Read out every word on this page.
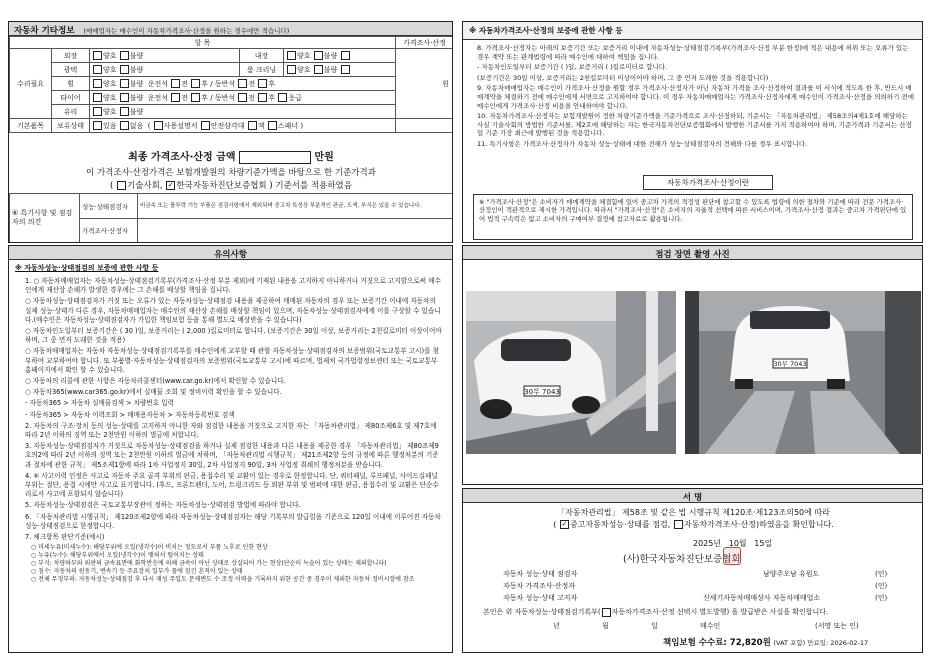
자동차 기타정보 (매매업자는 매수인이 자동차가격조사·산정을 원하는 경우에만 적습니다)
항 목					가격조사·산정
수리필요	외장	양호 불량	내장	양호 불량	원
	광택	양호 불량	룸 크리닝	양호 불량	
	휠	양호 불량 운전석 전 후 / 동반석 전 후			
	타이어	양호 불량 운전석 전 후 / 동반석 전 후 응급			
	유리	양호 불량			
기본품목	보유상태	있음 없음  ( 사용설명서 안전삼각대 잭 스패너 )			
최종 가격조사·산정 금액	만원
이 가격조사·산정가격은 보험개발원의 차량기준가액을 바탕으로 한 기준가격과
( 기술사회, ✓ 한국자동차진단보증협회 ) 기준서를 적용하였음
⑥ 특기사항 및 점검자의 의견	성능·상태점검자	비금속 또는 플루락 기능 부품은 점검사항에서 제외되며 중고차 특성상 부분적인 판금, 도색, 부식은 있을 수 있습니다.
	가격조사·산정자	
유의사항
※ 자동차성능·상태점검의 보증에 관한 사항 등

1. ○ 자동차매매업자는 자동차성능·상태점검기록부(가격조사·산정 부분 제외)에 기재된 내용을 고지하지 아니하거나 거짓으로 고지함으로써 매수인에게 재산상 손해가 발생한 경우에는 그 손해를 배상할 책임을 집니다.

○ 자동차성능·상태점검자가 거짓 또는 오류가 있는 자동차성능·상태점검 내용을 제공하여 매매된 자동차의 경우 또는 보증기간 이내에 자동차의 실제 성능·상태가 다른 경우, 자동차매매업자는 매수인의 재산상 손해를 배상할 책임이 있으며, 자동차성능·상태점검자에게 이를 구상할 수 있습니다.(매수인은 자동차성능·상태점검자가 가입한 책임보험 등을 통해 별도로 배상받을 수 있습니다)

○ 자동차인도일부터 보증기간은 ( 30 )일, 보증거리는 ( 2,000 )킬로미터로 합니다. (보증기간은 30일 이상, 보증거리는 2천킬로미터 이상이어야 하며, 그 중 먼저 도래한 것을 적용)

○ 자동차매매업자는 자동차 자동차성능·상태점검기록부를 매수인에게 교부할 때 관할 자동차성능·상태점검자의 보증범위(국토교통부 고시)를 첨부하여 교부하여야 합니다. 또 부품별·자동차성능·상태점검자의 보증범위(국토교통부 고시)에 따르며, 법제처 국가법령정보센터 또는 국토교통부 홈페이지에서 확인 할 수 있습니다.

○ 자동차의 리콜에 관한 사항은 자동차리콜센터(www.car.go.kr)에서 확인할 수 있습니다.

○ 자동차365(www.car365.go.kr)에서 실매물 조회 및 정비이력 확인을 할 수 있습니다.

- 자동차365 > 자동차 실매물검색 > 차량번호 입력

- 자동차365 > 자동차 이력조회 > 매매용자동차 > 자동차등록번호 검색

2. 자동차의 구조·장치 등의 성능·상태를 고지하지 아니한 자와 점검한 내용을 거짓으로 고지한 자는 「자동차관리법」 제80조제6호 및 제7호에 따라 2년 이하의 징역 또는 2천만원 이하의 벌금에 처합니다.

3. 자동차성능·상태점검자가 거짓으로 자동차성능·상태점검을 하거나 실제 점검한 내용과 다른 내용을 제공한 경우 「자동차관리법」 제80조제9호의2에 따라 2년 이하의 징역 또는 2천만원 이하의 벌금에 처하며, 「자동차관리법 시행규칙」 제21조제2항 등의 규정에 따른 행정처분의 기준과 절차에 관한 규칙」 제5조제1항에 따라 1차 사업정지 30일, 2차 사업정지 90일, 3차 사업정 취쇄의 행정처분을 받습니다.

4. ⑥ 사고이력 인정은 사고로 자동차 주요 골격 부위의 판금, 용접수리 및 교환이 있는 경우로 한정합니다. 단, 쿼터패널, 루프패널, 사이드실패널 부위는 절단, 용접 시에만 사고로 표기합니다. (후드, 프론트펜더, 도어, 트렁크리드 등 외판 부위 및 범퍼에 대한 판금, 용접수리 및 교환은 단순수리로서 사고에 포함되지 않습니다)

5. 자동차성능·상태점검은 국토교통부장관이 정하는 자동차성능·상태점검 방법에 따라야 합니다.

6. 「자동차관리법 시행규칙」 제120조제2항에 따라 자동차성능·상태점검자는 해당 기록부의 발급일을 기준으로 120일 이내에 이루어진 자동차 성능·상태점검으로 한정합니다.

7. 체크항목 판단기준(예시)

○ 미세누유(미세누수): 해당부위에 오일(냉각수)이 비치는 정도로서 부품 노후로 인한 현상

○ 누유(누수): 해당부위에서 오일(냉각수)이 맺혀서 떨어지는 상태

○ 부식: 차량하부와 외판의 금속표면에 화학반응에 의해 금속이 아닌 상태로 상실되어 가는 현상(단순히 녹슬어 있는 상태는 제외합니다)

○ 침수: 자동차의 원동기, 변속기 등 주요장치 일부가 물에 잠긴 흔적이 있는 상태

○ 전체 무정부의: 자동차성능·상태점검 후 다시 재성 주입도 문제변도 수 조정 이력을 기록하지 위한 공간 중 경우이 제외한 자동차 정비시장에 참조

※ 자동차가격조사·산정의 보증에 관한 사항 등

8. 가격조사·산정자는 아래의 보증기간 또는 보증거리 이내에 자동차성능·상태점검기록부(가격조사·산정 부분 한정)에 적은 내용에 허위 또는 오류가 있는 경우 계약 또는 관계법령에 따라 매수인에 대하여 책임을 집니다.

- 자동차인도일부터 보증기간 ( )일, 보증거리 ( )킬로미터로 합니다.

(보증기간은 30일 이상, 보증거리는 2천킬로미터 이상이어야 하며, 그 중 먼저 도래한 것을 적용합니다)

9. 자동차매매업자는 매수인이 가격조사·산정을 원할 경우 가격조사·산정자가 아닌 자동차 가격을 조사·산정하여 결과를 이 서식에 적도록 한 후, 반드시 매매계약을 체결하기 전에 매수인에게 서면으로 고지하여야 합니다. 이 경우 자동차매매업자는 가격조사·산정자에게 매수인이 가격조사·산정을 의뢰하기 전에 매수인에게 가격조사·산정 비용을 안내하여야 합니다.

10. 자동차가격조사·산정자는 보험개발원이 정한 차량기준가액을 기준가격으로 조사·산정하되, 기준서는 「자동차관리법」 제58조의4제1호에 해당하는 사실 기술사회의 방법한 기준서를, 제2호에 해당하는 자는 한국자동차진단보증협회에서 발행한 기준서를 가지 적용하여야 하며, 기준가격과 기준서는 산정일 기준 가장 최근에 발행된 것을 적용합니다.

11. 특기사항은 가격조사·산정자가 자동차 성능·상태에 대한 견해가 성능·상태점검자의 견해와 다를 경우 표시합니다.

자동차가격조사·산정이란
※ "가격조사·산정"은 소비자가 매매계약을 체결함에 있어 중고차 가격의 적정성 판단에 참고할 수 있도록 법령에 의한 절차와 기준에 따라 전문 가격조사·산정인이 객관적으로 제시한 가격입니다. 따라서 "가격조사·산정"은 소비자의 자율적 선택에 따른 서비스이며, 가격조사·산정 결과는 중고차 가격판단에 있어 법적 구속력은 없고 소비자의 구매여부 결정에 참고자료로 활용됩니다.
점검 장면 촬영 사진
30무 7043
30무 7043
서 명
「자동차관리법」 제58조 및 같은 법 시행규칙 제120조·제123조의50에 따라
( ✓ 중고자동차성능·상태를 점검, 자동차가격조사·산정)하였음을 확인합니다.
2025년 10월 15일
(사)한국자동차진단보증협회
자동차 성능·상태 점검자	남양주오남 유원도	(인)
자동차 가격조사·산정자	(인)
자동차 성능·상태 고지자	신세기자동차매매상사 자동차매매업소	(인)
본인은 위 자동차성능·상태점검기록부( 자동차가격조사·산정 선택시 별도발행) 을 발급받은 사실을 확인합니다.
년	월	일	매수인	(서명 또는 인)
책임보험 수수료: 72,820원 (VAT 포함) 만료일: 2026-02-17
